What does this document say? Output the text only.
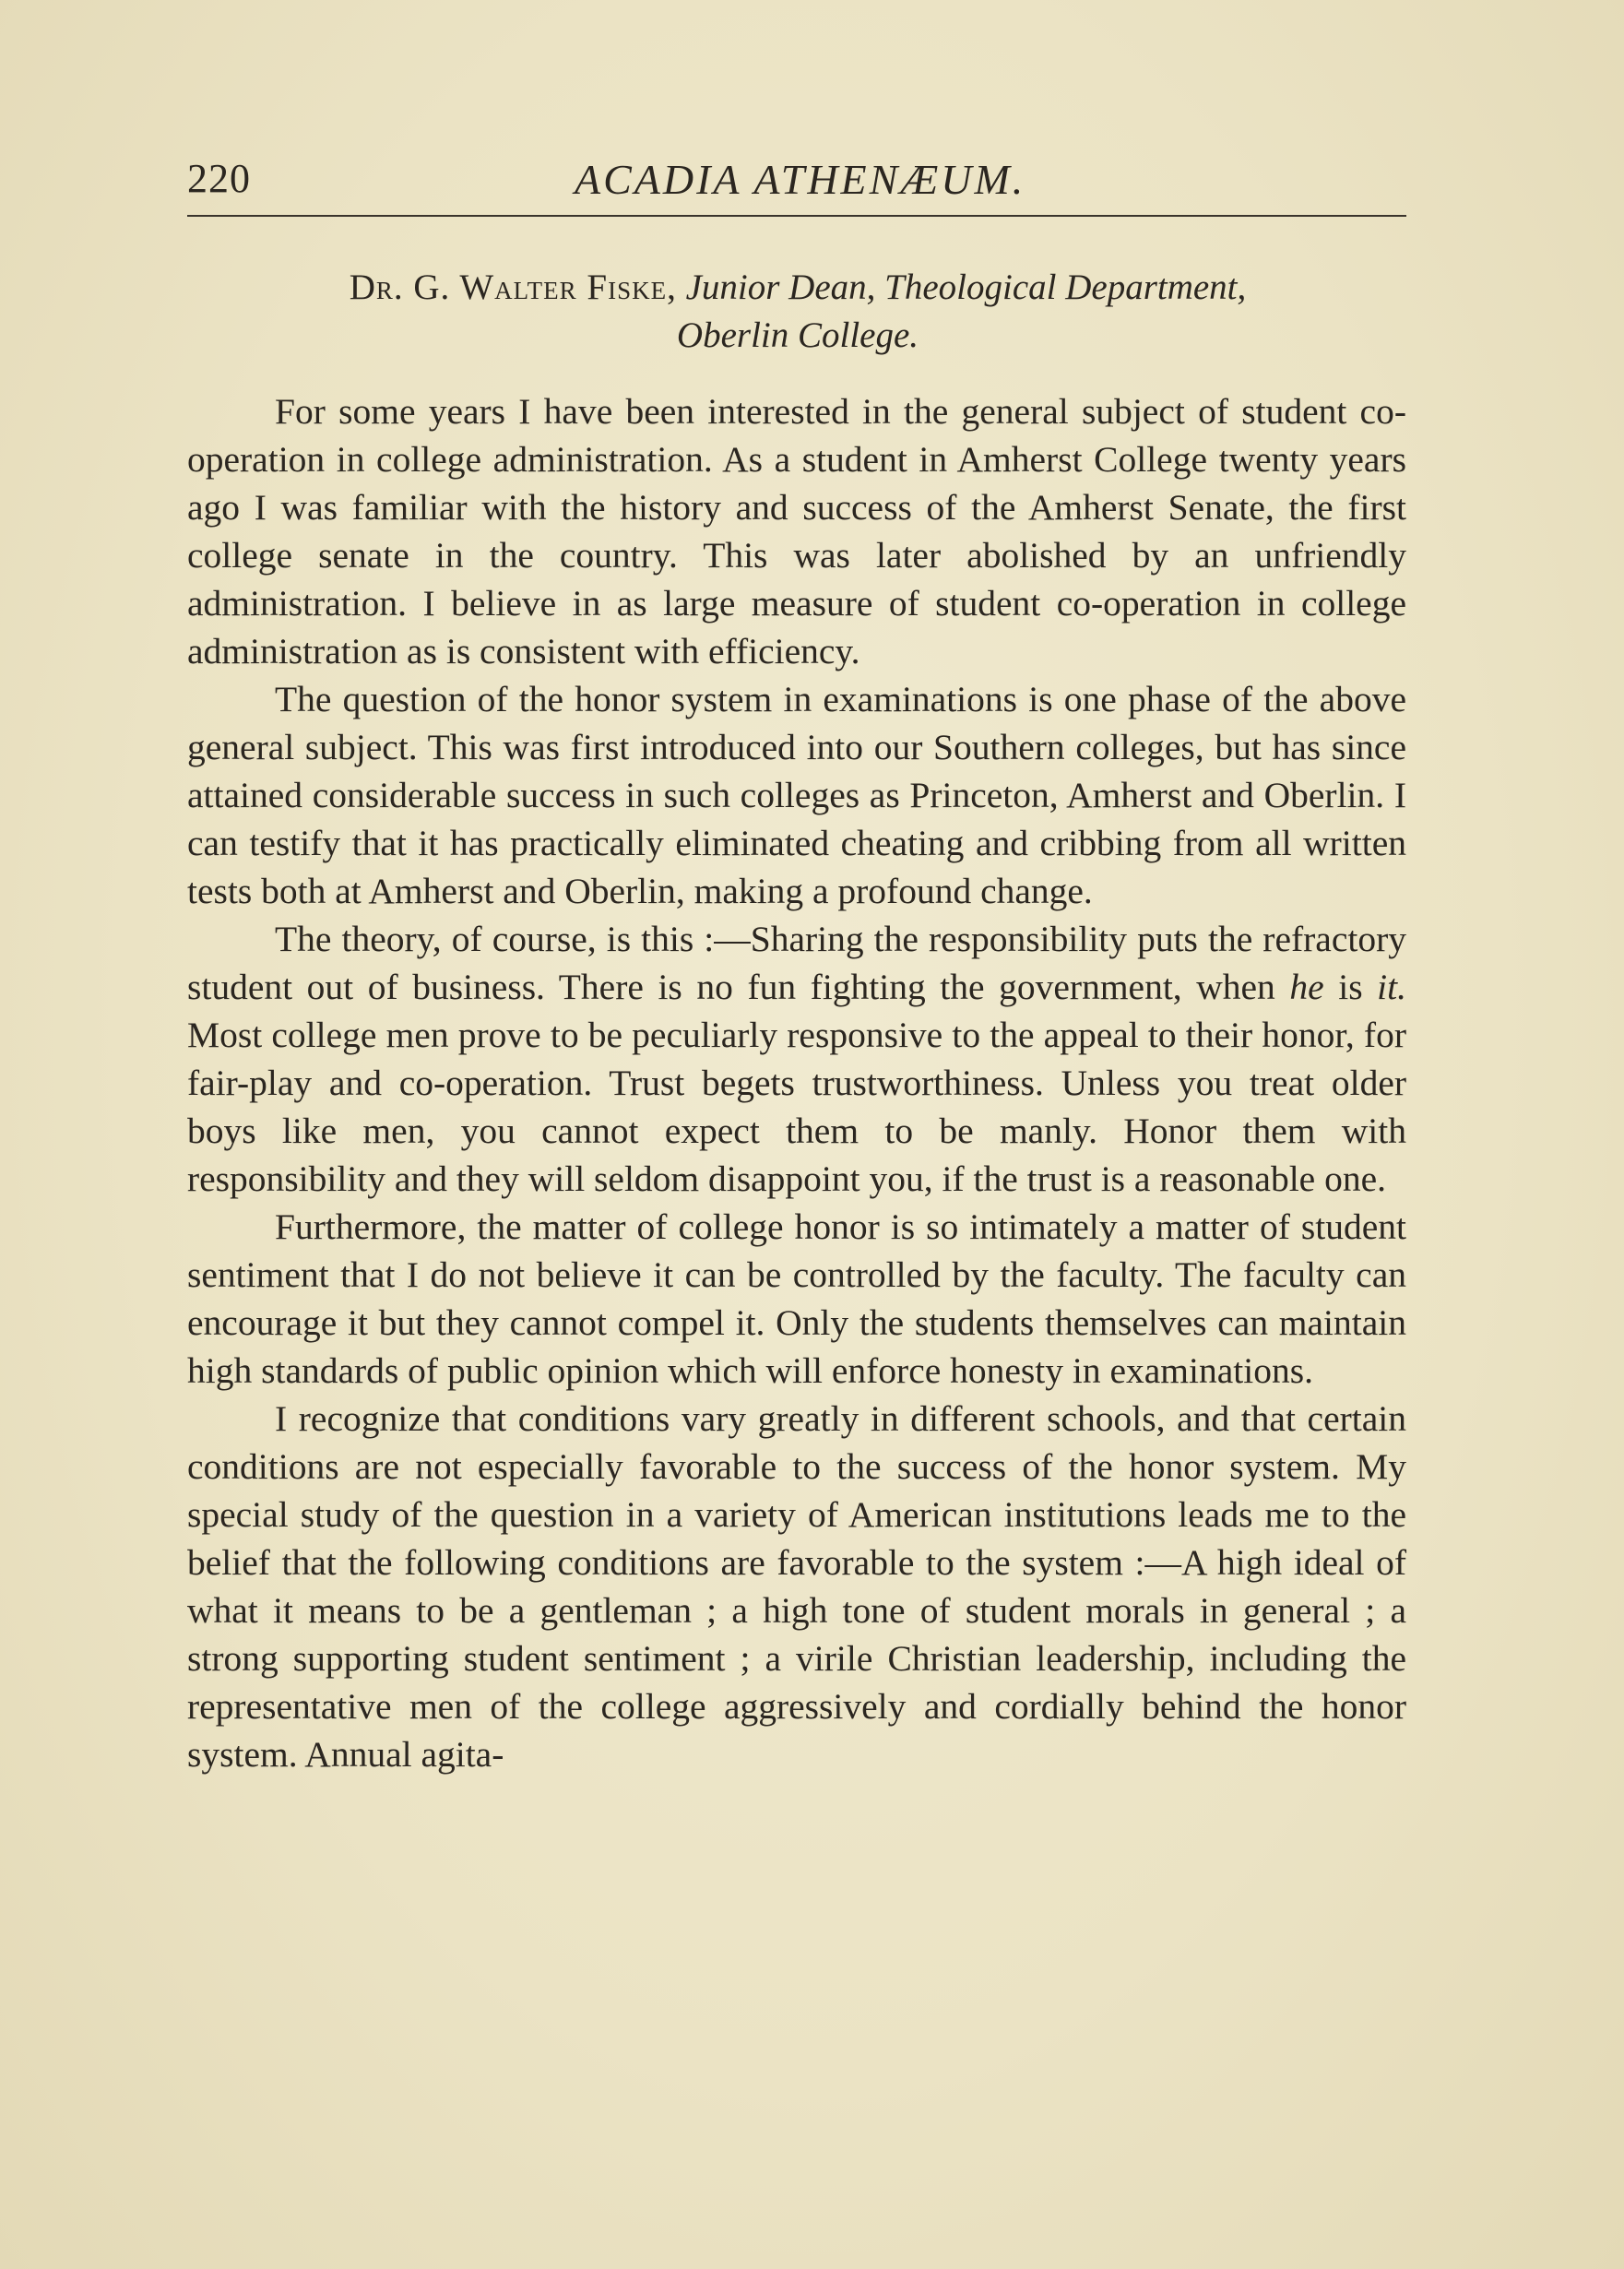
220	ACADIA ATHENÆUM.
Dr. G. Walter Fiske, Junior Dean, Theological Department,
Oberlin College.

For some years I have been interested in the general subject of student co-operation in college administration. As a student in Amherst College twenty years ago I was familiar with the history and success of the Amherst Senate, the first college senate in the country. This was later abolished by an unfriendly administration. I believe in as large measure of student co-operation in college administration as is consistent with efficiency.

The question of the honor system in examinations is one phase of the above general subject. This was first introduced into our Southern colleges, but has since attained considerable success in such colleges as Princeton, Amherst and Oberlin. I can testify that it has practically eliminated cheating and cribbing from all written tests both at Amherst and Oberlin, making a profound change.

The theory, of course, is this :—Sharing the responsibility puts the refractory student out of business. There is no fun fighting the government, when he is it. Most college men prove to be peculiarly responsive to the appeal to their honor, for fair-play and co-operation. Trust begets trustworthiness. Unless you treat older boys like men, you cannot expect them to be manly. Honor them with responsibility and they will seldom disappoint you, if the trust is a reasonable one.

Furthermore, the matter of college honor is so intimately a matter of student sentiment that I do not believe it can be controlled by the faculty. The faculty can encourage it but they cannot compel it. Only the students themselves can maintain high standards of public opinion which will enforce honesty in examinations.

I recognize that conditions vary greatly in different schools, and that certain conditions are not especially favorable to the success of the honor system. My special study of the question in a variety of American institutions leads me to the belief that the following conditions are favorable to the system :—A high ideal of what it means to be a gentleman ; a high tone of student morals in general ; a strong supporting student sentiment ; a virile Christian leadership, including the representative men of the college aggressively and cordially behind the honor system. Annual agita-
